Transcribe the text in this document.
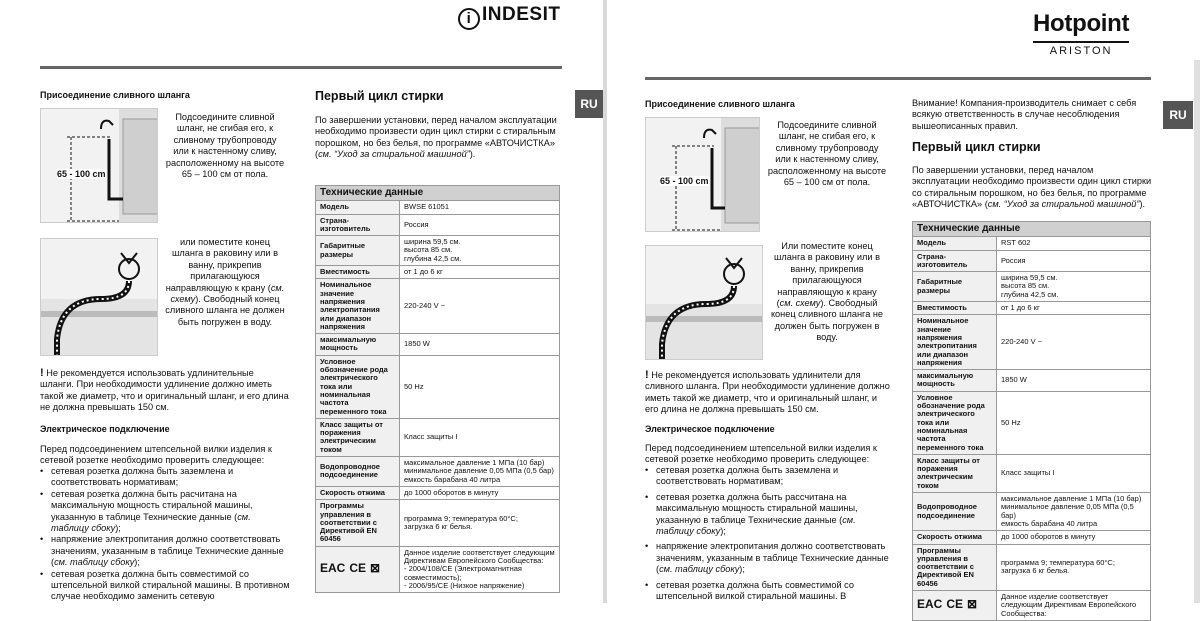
i INDESIT
RU
Присоединение сливного шланга
65 - 100 cm
Подсоедините сливной шланг, не сгибая его, к сливному трубопроводу или к настенному сливу, расположенному на высоте 65 – 100 см от пола.
или поместите конец шланга в раковину или в ванну, прикрепив прилагающуюся направляющую к крану (см. схему). Свободный конец сливного шланга не должен быть погружен в воду.
! Не рекомендуется использовать удлинительные шланги. При необходимости удлинение должно иметь такой же диаметр, что и оригинальный шланг, и его длина не должна превышать 150 см.
Электрическое подключение
Перед подсоединением штепсельной вилки изделия к сетевой розетке необходимо проверить следующее:
• сетевая розетка должна быть заземлена и соответствовать нормативам;
• сетевая розетка должна быть расчитана на максимальную мощность стиральной машины, указанную в таблице Технические данные (см. таблицу сбоку);
• напряжение электропитания должно соответствовать значениям, указанным в таблице Технические данные (см. таблицу сбоку);
• сетевая розетка должна быть совместимой со штепсельной вилкой стиральной машины. В противном случае необходимо заменить сетевую
Первый цикл стирки
По завершении установки, перед началом эксплуатации необходимо произвести один цикл стирки с стиральным порошком, но без белья, по программе «АВТОЧИСТКА» (см. “Уход за стиральной машиной”).
Технические данные	
Модель	BWSE 61051
Страна-изготовитель	Россия
Габаритные размеры	ширина 59,5 см.
высота 85 см.
глубина 42,5 см.
Вместимость	от 1 до 6 кг
Номинальное значение напряжения электропитания или диапазон напряжения	220-240 V ~
максимальную мощность	1850 W
Условное обозначение рода электрического тока или номинальная частота переменного тока	50 Hz
Класс защиты от поражения электрическим током	Класс защиты I
Водопроводное подсоединение	максимальное давление 1 МПа (10 бар)
минимальное давление 0,05 МПа (0,5 бар)
емкость барабана 40 литра
Скорость отжима	до 1000 оборотов в минуту
Программы управления в соответствии с Директивой EN 60456	программа 9; температура 60°C;
загрузка 6 кг белья.

EAC CE ⊠	Данное изделие соответствует следующим Директивам Европейского Сообщества:
- 2004/108/CE (Электромагнитная совместимость);
- 2006/95/CE (Низкое напряжение)
Hotpoint
ARISTON
RU
Присоединение сливного шланга
65 - 100 cm
Подсоедините сливной шланг, не сгибая его, к сливному трубопроводу или к настенному сливу, расположенному на высоте 65 – 100 см от пола.
Или поместите конец шланга в раковину или в ванну, прикрепив прилагающуюся направляющую к крану (см. схему). Свободный конец сливного шланга не должен быть погружен в воду.
! Не рекомендуется использовать удлинители для сливного шланга. При необходимости удлинение должно иметь такой же диаметр, что и оригинальный шланг, и его длина не должна превышать 150 см.
Электрическое подключение
Перед подсоединением штепсельной вилки изделия к сетевой розетке необходимо проверить следующее:
• сетевая розетка должна быть заземлена и соответствовать нормативам;
• сетевая розетка должна быть рассчитана на максимальную мощность стиральной машины, указанную в таблице Технические данные (см. таблицу сбоку);
• напряжение электропитания должно соответствовать значениям, указанным в таблице Технические данные (см. таблицу сбоку);
• сетевая розетка должна быть совместимой со штепсельной вилкой стиральной машины. В
Внимание! Компания-производитель снимает с себя всякую ответственность в случае несоблюдения вышеописанных правил.
Первый цикл стирки
По завершении установки, перед началом эксплуатации необходимо произвести один цикл стирки со стиральным порошком, но без белья, по программе «АВТОЧИСТКА» (см. “Уход за стиральной машиной”).
Технические данные	
Модель	RST 602
Страна-изготовитель	Россия
Габаритные размеры	ширина 59,5 см.
высота 85 см.
глубина 42,5 см.
Вместимость	от 1 до 6 кг
Номинальное значение напряжения электропитания или диапазон напряжения	220-240 V ~
максимальную мощность	1850 W
Условное обозначение рода электрического тока или номинальная частота переменного тока	50 Hz
Класс защиты от поражения электрическим током	Класс защиты I
Водопроводное подсоединение	максимальное давление 1 МПа (10 бар)
минимальное давление 0,05 МПа (0,5 бар)
емкость барабана 40 литра
Скорость отжима	до 1000 оборотов в минуту
Программы управления в соответствии с Директивой EN 60456	программа 9; температура 60°C;
загрузка 6 кг белья.

EAC CE ⊠	Данное изделие соответствует следующим Директивам Европейского Сообщества:
